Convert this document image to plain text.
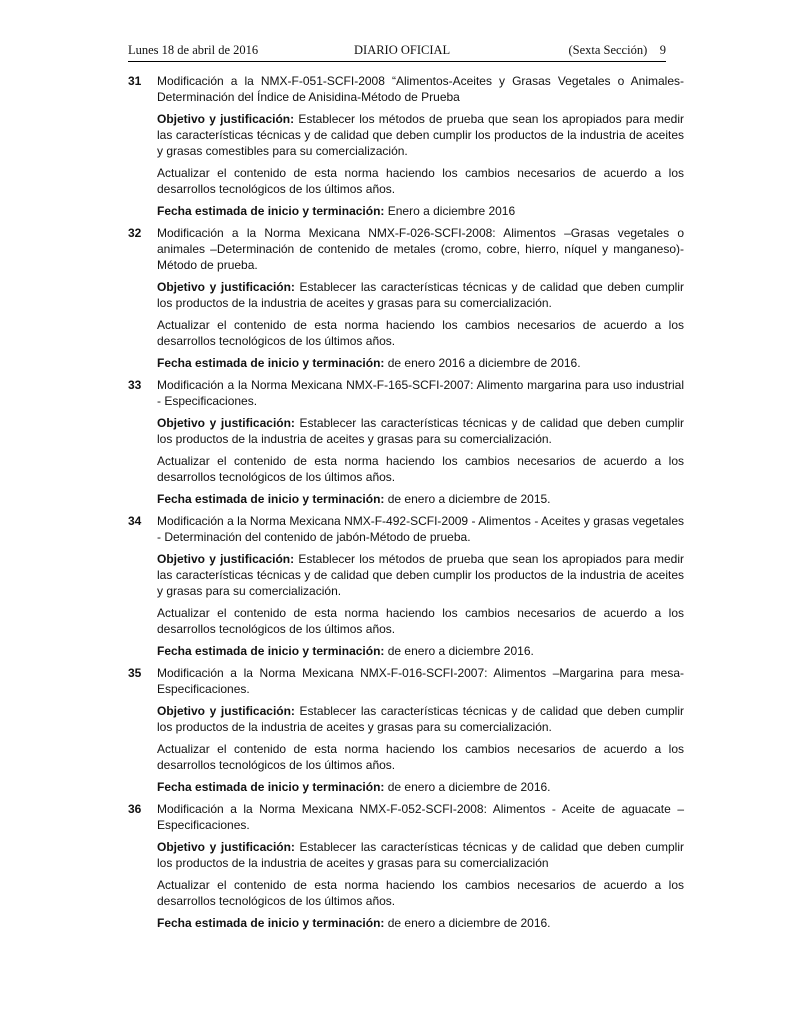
Lunes 18 de abril de 2016	DIARIO OFICIAL	(Sexta Sección) 9
31 Modificación a la NMX-F-051-SCFI-2008 “Alimentos-Aceites y Grasas Vegetales o Animales-Determinación del Índice de Anisidina-Método de Prueba

Objetivo y justificación: Establecer los métodos de prueba que sean los apropiados para medir las características técnicas y de calidad que deben cumplir los productos de la industria de aceites y grasas comestibles para su comercialización.

Actualizar el contenido de esta norma haciendo los cambios necesarios de acuerdo a los desarrollos tecnológicos de los últimos años.

Fecha estimada de inicio y terminación: Enero a diciembre 2016

32 Modificación a la Norma Mexicana NMX-F-026-SCFI-2008: Alimentos –Grasas vegetales o animales –Determinación de contenido de metales (cromo, cobre, hierro, níquel y manganeso)- Método de prueba.

Objetivo y justificación: Establecer las características técnicas y de calidad que deben cumplir los productos de la industria de aceites y grasas para su comercialización.

Actualizar el contenido de esta norma haciendo los cambios necesarios de acuerdo a los desarrollos tecnológicos de los últimos años.

Fecha estimada de inicio y terminación: de enero 2016 a diciembre de 2016.

33 Modificación a la Norma Mexicana NMX-F-165-SCFI-2007: Alimento margarina para uso industrial - Especificaciones.

Objetivo y justificación: Establecer las características técnicas y de calidad que deben cumplir los productos de la industria de aceites y grasas para su comercialización.

Actualizar el contenido de esta norma haciendo los cambios necesarios de acuerdo a los desarrollos tecnológicos de los últimos años.

Fecha estimada de inicio y terminación: de enero a diciembre de 2015.

34 Modificación a la Norma Mexicana NMX-F-492-SCFI-2009 - Alimentos - Aceites y grasas vegetales - Determinación del contenido de jabón-Método de prueba.

Objetivo y justificación: Establecer los métodos de prueba que sean los apropiados para medir las características técnicas y de calidad que deben cumplir los productos de la industria de aceites y grasas para su comercialización.

Actualizar el contenido de esta norma haciendo los cambios necesarios de acuerdo a los desarrollos tecnológicos de los últimos años.

Fecha estimada de inicio y terminación: de enero a diciembre 2016.

35 Modificación a la Norma Mexicana NMX-F-016-SCFI-2007: Alimentos –Margarina para mesa-Especificaciones.

Objetivo y justificación: Establecer las características técnicas y de calidad que deben cumplir los productos de la industria de aceites y grasas para su comercialización.

Actualizar el contenido de esta norma haciendo los cambios necesarios de acuerdo a los desarrollos tecnológicos de los últimos años.

Fecha estimada de inicio y terminación: de enero a diciembre de 2016.

36 Modificación a la Norma Mexicana NMX-F-052-SCFI-2008: Alimentos - Aceite de aguacate – Especificaciones.

Objetivo y justificación: Establecer las características técnicas y de calidad que deben cumplir los productos de la industria de aceites y grasas para su comercialización

Actualizar el contenido de esta norma haciendo los cambios necesarios de acuerdo a los desarrollos tecnológicos de los últimos años.

Fecha estimada de inicio y terminación: de enero a diciembre de 2016.
